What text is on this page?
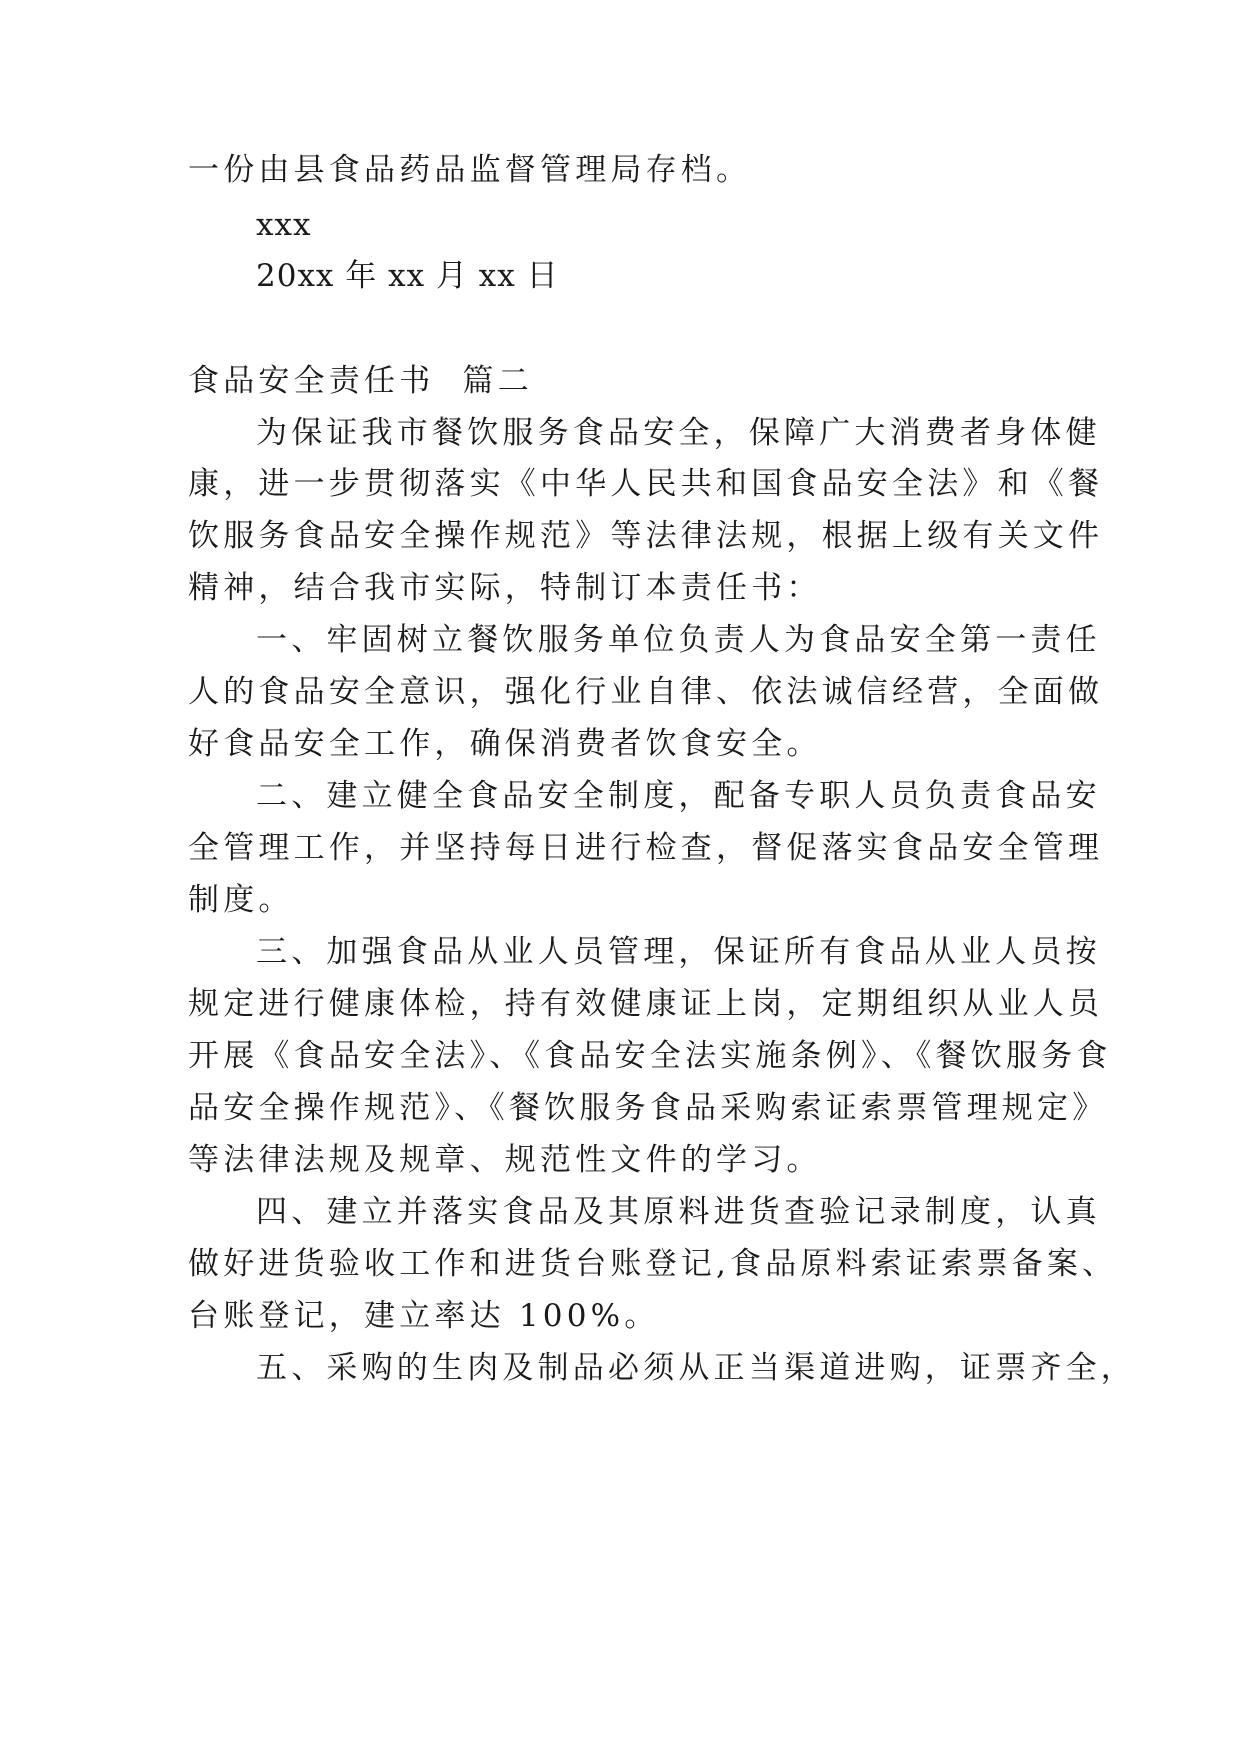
一份由县食品药品监督管理局存档。
xxx
20xx 年 xx 月 xx 日
食品安全责任书  篇二
为保证我市餐饮服务食品安全，保障广大消费者身体健
康，进一步贯彻落实《中华人民共和国食品安全法》和《餐
饮服务食品安全操作规范》等法律法规，根据上级有关文件
精神，结合我市实际，特制订本责任书：
一、牢固树立餐饮服务单位负责人为食品安全第一责任
人的食品安全意识，强化行业自律、依法诚信经营，全面做
好食品安全工作，确保消费者饮食安全。
二、建立健全食品安全制度，配备专职人员负责食品安
全管理工作，并坚持每日进行检查，督促落实食品安全管理
制度。
三、加强食品从业人员管理，保证所有食品从业人员按
规定进行健康体检，持有效健康证上岗，定期组织从业人员
开展《食品安全法》、《食品安全法实施条例》、《餐饮服务食
品安全操作规范》、《餐饮服务食品采购索证索票管理规定》
等法律法规及规章、规范性文件的学习。
四、建立并落实食品及其原料进货查验记录制度，认真
做好进货验收工作和进货台账登记,食品原料索证索票备案、
台账登记，建立率达 100%。
五、采购的生肉及制品必须从正当渠道进购，证票齐全，
